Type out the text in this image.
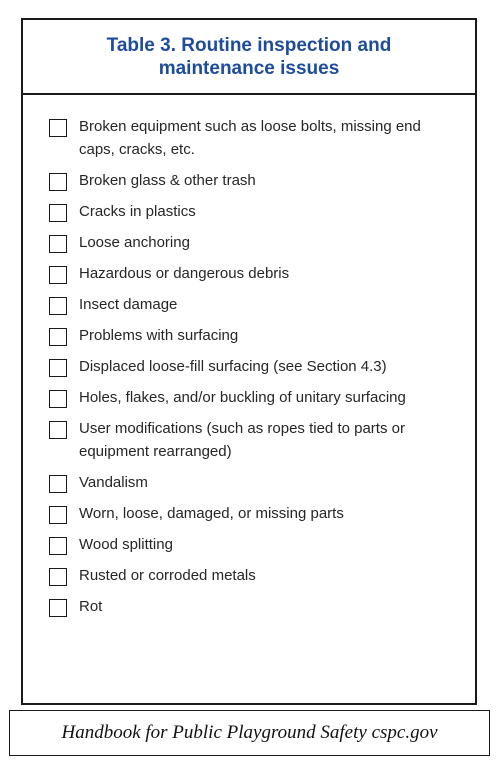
Table 3. Routine inspection and maintenance issues
Broken equipment such as loose bolts, missing end caps, cracks, etc.
Broken glass & other trash
Cracks in plastics
Loose anchoring
Hazardous or dangerous debris
Insect damage
Problems with surfacing
Displaced loose-fill surfacing (see Section 4.3)
Holes, flakes, and/or buckling of unitary surfacing
User modifications (such as ropes tied to parts or equipment rearranged)
Vandalism
Worn, loose, damaged, or missing parts
Wood splitting
Rusted or corroded metals
Rot
Handbook for Public Playground Safety cspc.gov
